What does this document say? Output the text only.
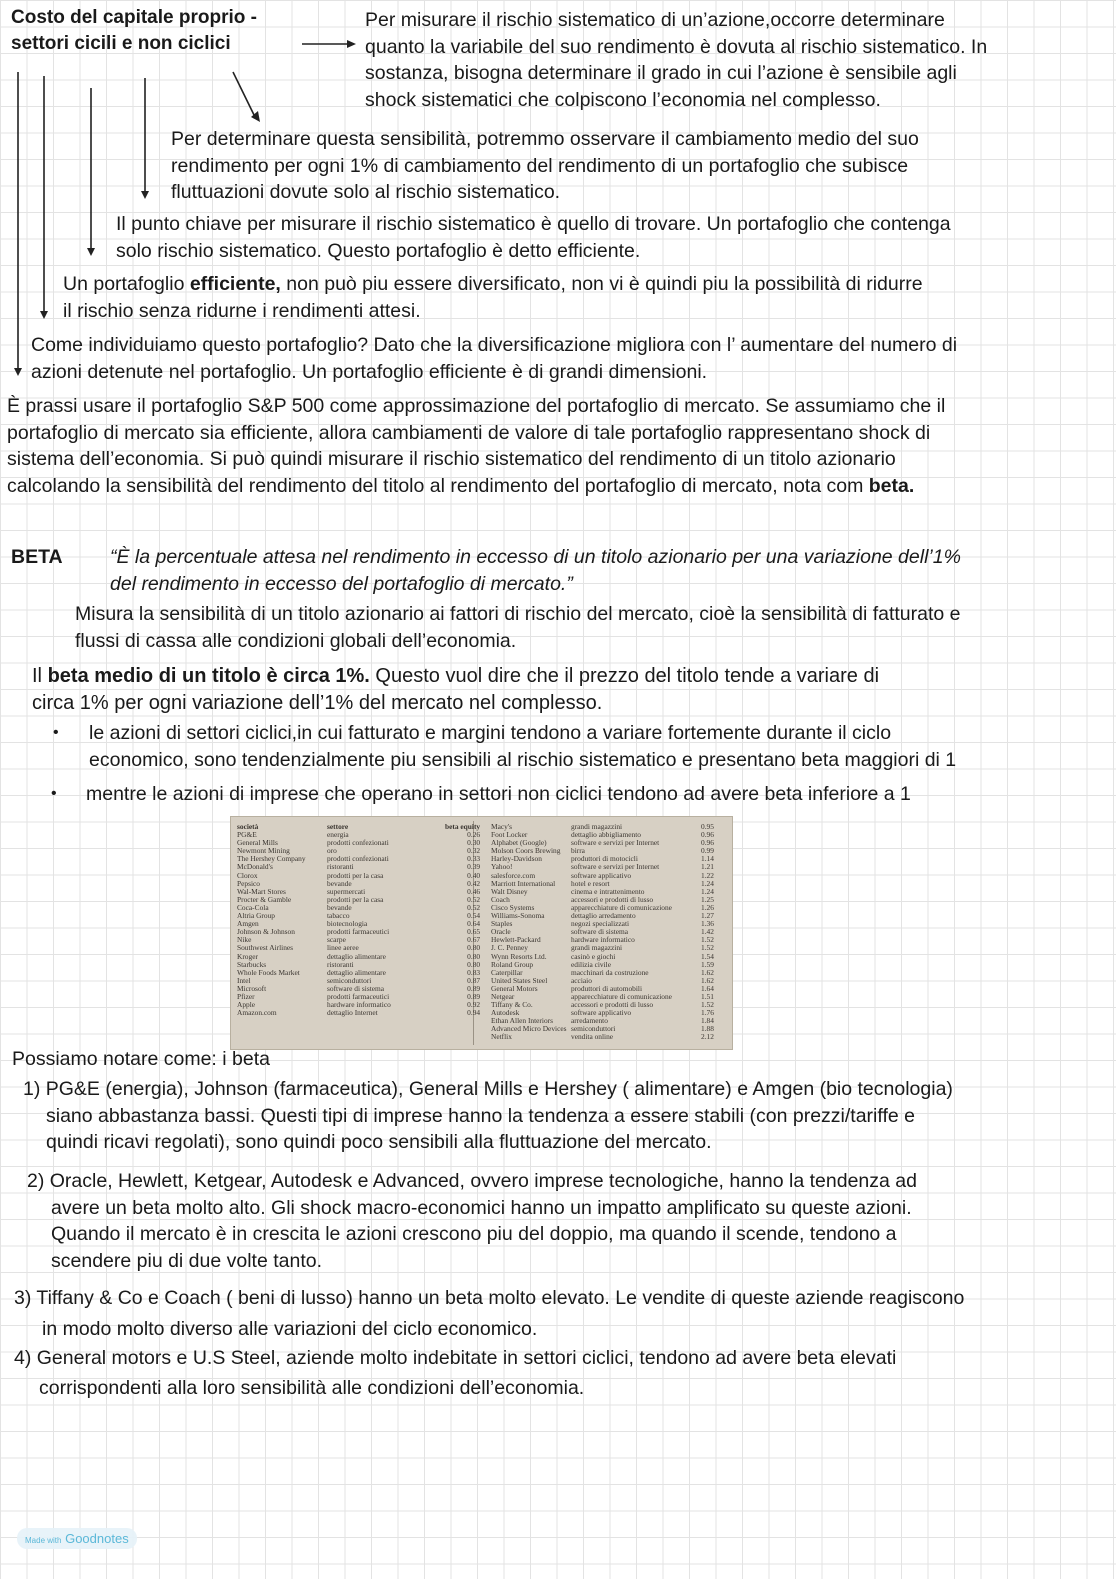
Costo del capitale proprio -
settori cicili e non ciclici
Per misurare il rischio sistematico di un’azione,occorre determinare
quanto la variabile del suo rendimento è dovuta al rischio sistematico. In
sostanza, bisogna determinare il grado in cui l’azione è sensibile agli
shock sistematici che colpiscono l’economia nel complesso.
Per determinare questa sensibilità, potremmo osservare il cambiamento medio del suo
rendimento per ogni 1% di cambiamento del rendimento di un portafoglio che subisce
fluttuazioni dovute solo al rischio sistematico.
Il punto chiave per misurare il rischio sistematico è quello di trovare. Un portafoglio che contenga
solo rischio sistematico. Questo portafoglio è detto efficiente.
Un portafoglio efficiente, non può piu essere diversificato, non vi è quindi piu la possibilità di ridurre
il rischio senza ridurne i rendimenti attesi.
Come individuiamo questo portafoglio? Dato che la diversificazione migliora con l’ aumentare del numero di
azioni detenute nel portafoglio. Un portafoglio efficiente è di grandi dimensioni.
È prassi usare il portafoglio S&P 500 come approssimazione del portafoglio di mercato. Se assumiamo che il
portafoglio di mercato sia efficiente, allora cambiamenti de valore di tale portafoglio rappresentano shock di
sistema dell’economia. Si può quindi misurare il rischio sistematico del rendimento di un titolo azionario
calcolando la sensibilità del rendimento del titolo al rendimento del portafoglio di mercato, nota com beta.
BETA “È la percentuale attesa nel rendimento in eccesso di un titolo azionario per una variazione dell’1%
del rendimento in eccesso del portafoglio di mercato.”
Misura la sensibilità di un titolo azionario ai fattori di rischio del mercato, cioè la sensibilità di fatturato e
flussi di cassa alle condizioni globali dell’economia.
Il beta medio di un titolo è circa 1%. Questo vuol dire che il prezzo del titolo tende a variare di
circa 1% per ogni variazione dell’1% del mercato nel complesso.
• le azioni di settori ciclici,in cui fatturato e margini tendono a variare fortemente durante il ciclo
economico, sono tendenzialmente piu sensibili al rischio sistematico e presentano beta maggiori di 1
• mentre le azioni di imprese che operano in settori non ciclici tendono ad avere beta inferiore a 1
società
PG&E
General Mills
Newmont Mining
The Hershey Company
McDonald's
Clorox
Pepsico
Wal-Mart Stores
Procter & Gamble
Coca-Cola
Altria Group
Amgen
Johnson & Johnson
Nike
Southwest Airlines
Kroger
Starbucks
Whole Foods Market
Intel
Microsoft
Pfizer
Apple
Amazon.com
settore
energia
prodotti confezionati
oro
prodotti confezionati
ristoranti
prodotti per la casa
bevande
supermercati
prodotti per la casa
bevande
tabacco
biotecnologia
prodotti farmaceutici
scarpe
linee aeree
dettaglio alimentare
ristoranti
dettaglio alimentare
semiconduttori
software di sistema
prodotti farmaceutici
hardware informatico
dettaglio Internet
beta equity
0.26
0.30
0.32
0.33
0.39
0.40
0.42
0.46
0.52
0.52
0.54
0.64
0.65
0.67
0.80
0.80
0.80
0.83
0.87
0.89
0.89
0.92
0.94
Macy's
Foot Locker
Alphabet (Google)
Molson Coors Brewing
Harley-Davidson
Yahoo!
salesforce.com
Marriott International
Walt Disney
Coach
Cisco Systems
Williams-Sonoma
Staples
Oracle
Hewlett-Packard
J. C. Penney
Wynn Resorts Ltd.
Roland Group
Caterpillar
United States Steel
General Motors
Netgear
Tiffany & Co.
Autodesk
Ethan Allen Interiors
Advanced Micro Devices
Netflix
grandi magazzini
dettaglio abbigliamento
software e servizi per Internet
birra
produttori di motocicli
software e servizi per Internet
software applicativo
hotel e resort
cinema e intrattenimento
accessori e prodotti di lusso
apparecchiature di comunicazione
dettaglio arredamento
negozi specializzati
software di sistema
hardware informatico
grandi magazzini
casinò e giochi
edilizia civile
macchinari da costruzione
acciaio
produttori di automobili
apparecchiature di comunicazione
accessori e prodotti di lusso
software applicativo
arredamento
semiconduttori
vendita online
0.95
0.96
0.96
0.99
1.14
1.21
1.22
1.24
1.24
1.25
1.26
1.27
1.36
1.42
1.52
1.52
1.54
1.59
1.62
1.62
1.64
1.51
1.52
1.76
1.84
1.88
2.12
Possiamo notare come: i beta
1) PG&E (energia), Johnson (farmaceutica), General Mills e Hershey ( alimentare) e Amgen (bio tecnologia)
siano abbastanza bassi. Questi tipi di imprese hanno la tendenza a essere stabili (con prezzi/tariffe e
quindi ricavi regolati), sono quindi poco sensibili alla fluttuazione del mercato.
2) Oracle, Hewlett, Ketgear, Autodesk e Advanced, ovvero imprese tecnologiche, hanno la tendenza ad
avere un beta molto alto. Gli shock macro-economici hanno un impatto amplificato su queste azioni.
Quando il mercato è in crescita le azioni crescono piu del doppio, ma quando il scende, tendono a
scendere piu di due volte tanto.
3) Tiffany & Co e Coach ( beni di lusso) hanno un beta molto elevato. Le vendite di queste aziende reagiscono
in modo molto diverso alle variazioni del ciclo economico.
4) General motors e U.S Steel, aziende molto indebitate in settori ciclici, tendono ad avere beta elevati
corrispondenti alla loro sensibilità alle condizioni dell’economia.
Made with Goodnotes
